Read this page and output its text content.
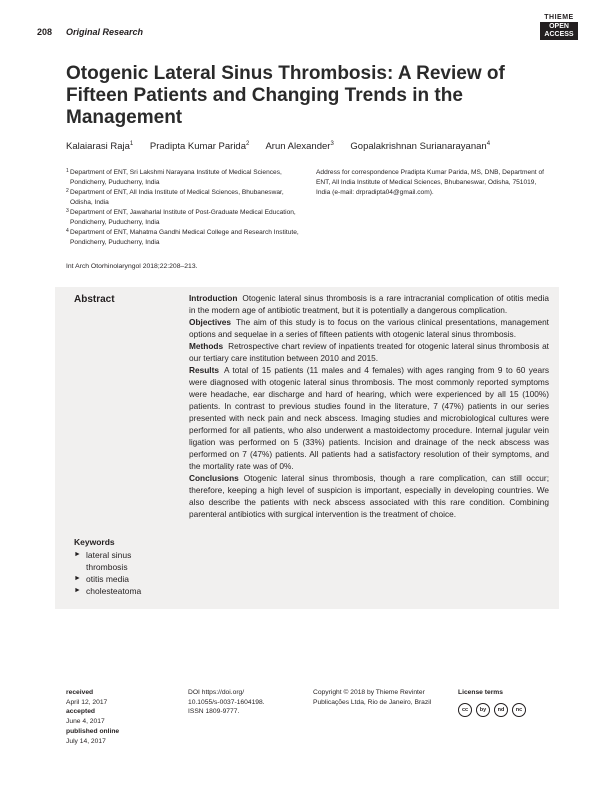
208 Original Research
THIEME
OPEN ACCESS
Otogenic Lateral Sinus Thrombosis: A Review of Fifteen Patients and Changing Trends in the Management
Kalaiarasi Raja$^1$ Pradipta Kumar Parida$^2$ Arun Alexander$^3$ Gopalakrishnan Surianarayanan$^4$
1 Department of ENT, Sri Lakshmi Narayana Institute of Medical Sciences, Pondicherry, Puducherry, India
2 Department of ENT, All India Institute of Medical Sciences, Bhubaneswar, Odisha, India
3 Department of ENT, Jawaharlal Institute of Post-Graduate Medical Education, Pondicherry, Puducherry, India
4 Department of ENT, Mahatma Gandhi Medical College and Research Institute, Pondicherry, Puducherry, India
Address for correspondence Pradipta Kumar Parida, MS, DNB, Department of ENT, All India Institute of Medical Sciences, Bhubaneswar, Odisha, 751019, India (e-mail: drpradipta04@gmail.com).
Int Arch Otorhinolaryngol 2018;22:208–213.
Abstract	Introduction Otogenic lateral sinus thrombosis is a rare intracranial complication of otitis media in the modern age of antibiotic treatment, but it is potentially a dangerous complication.

Objectives The aim of this study is to focus on the various clinical presentations, management options and sequelae in a series of fifteen patients with otogenic lateral sinus thrombosis.

Methods Retrospective chart review of inpatients treated for otogenic lateral sinus thrombosis at our tertiary care institution between 2010 and 2015.

Results A total of 15 patients (11 males and 4 females) with ages ranging from 9 to 60 years were diagnosed with otogenic lateral sinus thrombosis. The most commonly reported symptoms were headache, ear discharge and hard of hearing, which were experienced by all 15 (100%) patients. In contrast to previous studies found in the literature, 7 (47%) patients in our series presented with neck pain and neck abscess. Imaging studies and microbiological cultures were performed for all patients, who also underwent a mastoidectomy procedure. Internal jugular vein ligation was performed on 5 (33%) patients. Incision and drainage of the neck abscess was performed on 7 (47%) patients. All patients had a satisfactory resolution of their symptoms, and the mortality rate was of 0%.

Conclusions Otogenic lateral sinus thrombosis, though a rare complication, can still occur; therefore, keeping a high level of suspicion is important, especially in developing countries. We also describe the patients with neck abscess associated with this rare condition. Combining parenteral antibiotics with surgical intervention is the treatment of choice.

Keywords
► lateral sinus thrombosis
► otitis media
► cholesteatoma
received
April 12, 2017
accepted
June 4, 2017
published online
July 14, 2017
DOI https://doi.org/
10.1055/s-0037-1604198.
ISSN 1809-9777.
Copyright © 2018 by Thieme Revinter
Publicações Ltda, Rio de Janeiro, Brazil
License terms
cc	by	nd	nc
